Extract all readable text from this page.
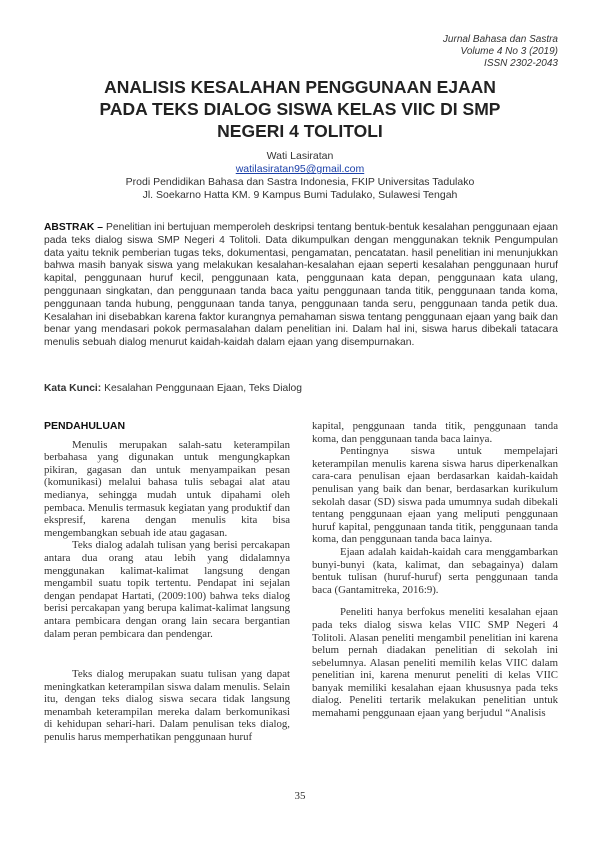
Jurnal Bahasa dan Sastra
Volume 4 No 3 (2019)
ISSN 2302-2043
ANALISIS KESALAHAN PENGGUNAAN EJAAN
PADA TEKS DIALOG SISWA KELAS VIIC DI SMP
NEGERI 4 TOLITOLI
Wati Lasiratan
watilasiratan95@gmail.com
Prodi Pendidikan Bahasa dan Sastra Indonesia, FKIP Universitas Tadulako
Jl. Soekarno Hatta KM. 9 Kampus Bumi Tadulako, Sulawesi Tengah
ABSTRAK – Penelitian ini bertujuan memperoleh deskripsi tentang bentuk-bentuk kesalahan penggunaan ejaan pada teks dialog siswa SMP Negeri 4 Tolitoli. Data dikumpulkan dengan menggunakan teknik Pengumpulan data yaitu teknik pemberian tugas teks, dokumentasi, pengamatan, pencatatan. hasil penelitian ini menunjukkan bahwa masih banyak siswa yang melakukan kesalahan-kesalahan ejaan seperti kesalahan penggunaan huruf kapital, penggunaan huruf kecil, penggunaan kata, penggunaan kata depan, penggunaan kata ulang, penggunaan singkatan, dan penggunaan tanda baca yaitu penggunaan tanda titik, penggunaan tanda koma, penggunaan tanda hubung, penggunaan tanda tanya, penggunaan tanda seru, penggunaan tanda petik dua. Kesalahan ini disebabkan karena faktor kurangnya pemahaman siswa tentang penggunaan ejaan yang baik dan benar yang mendasari pokok permasalahan dalam penelitian ini. Dalam hal ini, siswa harus dibekali tatacara menulis sebuah dialog menurut kaidah-kaidah dalam ejaan yang disempurnakan.
Kata Kunci: Kesalahan Penggunaan Ejaan, Teks Dialog
PENDAHULUAN

Menulis merupakan salah-satu keterampilan berbahasa yang digunakan untuk mengungkapkan pikiran, gagasan dan untuk menyampaikan pesan (komunikasi) melalui bahasa tulis sebagai alat atau medianya, sehingga mudah untuk dipahami oleh pembaca. Menulis termasuk kegiatan yang produktif dan ekspresif, karena dengan menulis kita bisa mengembangkan sebuah ide atau gagasan.

Teks dialog adalah tulisan yang berisi percakapan antara dua orang atau lebih yang didalamnya menggunakan kalimat-kalimat langsung dengan mengambil suatu topik tertentu. Pendapat ini sejalan dengan pendapat Hartati, (2009:100) bahwa teks dialog berisi percakapan yang berupa kalimat-kalimat langsung antara pembicara dengan orang lain secara bergantian dalam peran pembicara dan pendengar.

Teks dialog merupakan suatu tulisan yang dapat meningkatkan keterampilan siswa dalam menulis. Selain itu, dengan teks dialog siswa secara tidak langsung menambah keterampilan mereka dalam berkomunikasi di kehidupan sehari-hari. Dalam penulisan teks dialog, penulis harus memperhatikan penggunaan huruf

kapital, penggunaan tanda titik, penggunaan tanda koma, dan penggunaan tanda baca lainya.

Pentingnya siswa untuk mempelajari keterampilan menulis karena siswa harus diperkenalkan cara-cara penulisan ejaan berdasarkan kaidah-kaidah penulisan yang baik dan benar, berdasarkan kurikulum sekolah dasar (SD) siswa pada umumnya sudah dibekali tentang penggunaan ejaan yang meliputi penggunaan huruf kapital, penggunaan tanda titik, penggunaan tanda koma, dan penggunaan tanda baca lainya.

Ejaan adalah kaidah-kaidah cara menggambarkan bunyi-bunyi (kata, kalimat, dan sebagainya) dalam bentuk tulisan (huruf-huruf) serta penggunaan tanda baca (Gantamitreka, 2016:9).

Peneliti hanya berfokus meneliti kesalahan ejaan pada teks dialog siswa kelas VIIC SMP Negeri 4 Tolitoli. Alasan peneliti mengambil penelitian ini karena belum pernah diadakan penelitian di sekolah ini sebelumnya. Alasan peneliti memilih kelas VIIC dalam penelitian ini, karena menurut peneliti di kelas VIIC banyak memiliki kesalahan ejaan khususnya pada teks dialog. Peneliti tertarik melakukan penelitian untuk memahami penggunaan ejaan yang berjudul “Analisis

35
